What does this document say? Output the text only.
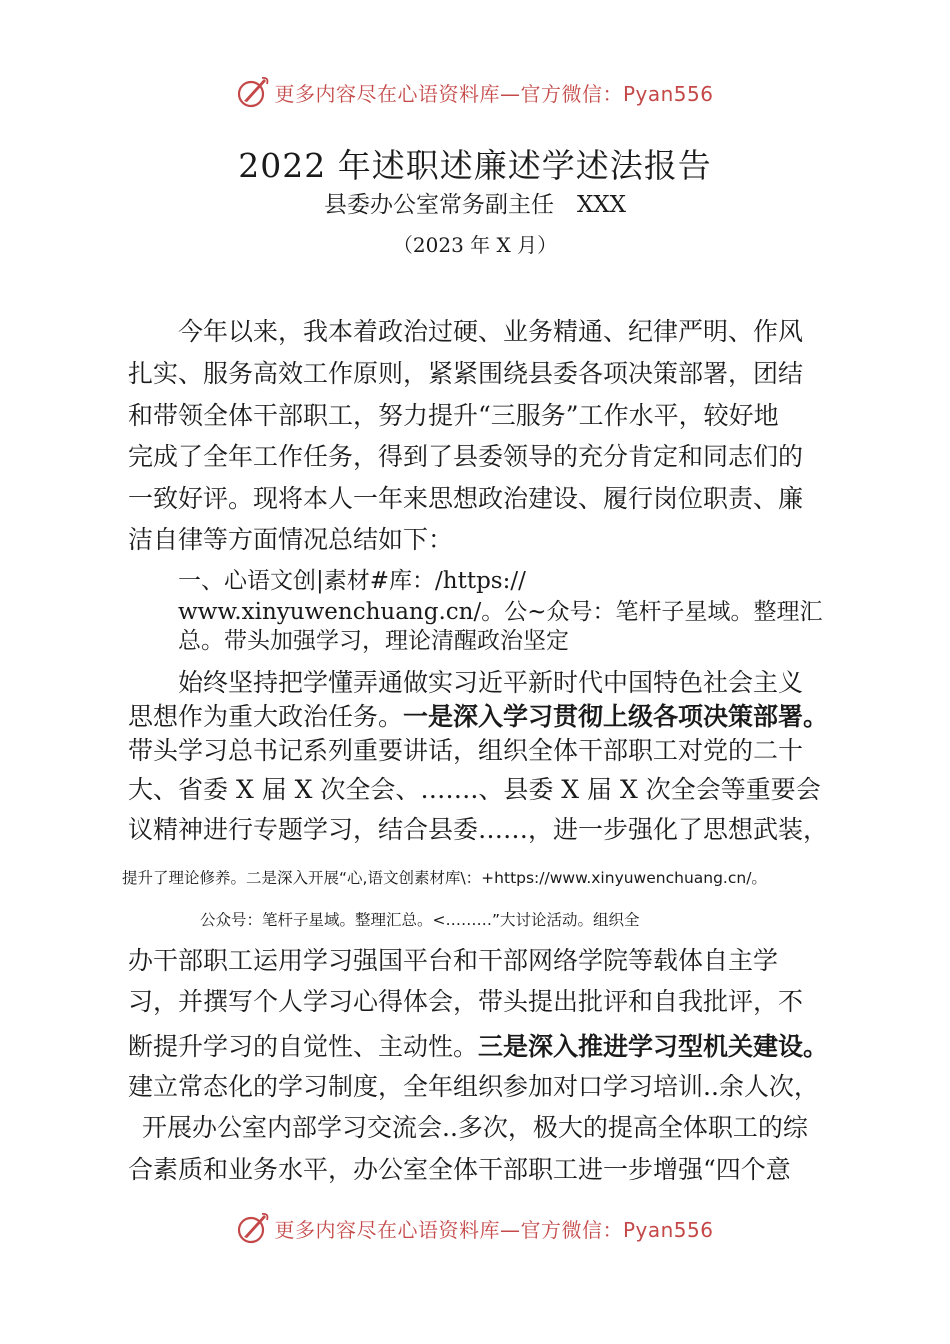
更多内容尽在心语资料库—官方微信：Pyan556
2022 年述职述廉述学述法报告
县委办公室常务副主任　XXX
（2023 年 X 月）
今年以来，我本着政治过硬、业务精通、纪律严明、作风
扎实、服务高效工作原则，紧紧围绕县委各项决策部署，团结
和带领全体干部职工，努力提升“三服务”工作水平，较好地
完成了全年工作任务，得到了县委领导的充分肯定和同志们的
一致好评。现将本人一年来思想政治建设、履行岗位职责、廉
洁自律等方面情况总结如下：
一、心语文创|素材#库：/https://
www.xinyuwenchuang.cn/。公~众号：笔杆子星域。整理汇
总。带头加强学习，理论清醒政治坚定
始终坚持把学懂弄通做实习近平新时代中国特色社会主义
思想作为重大政治任务。一是深入学习贯彻上级各项决策部署。
带头学习总书记系列重要讲话，组织全体干部职工对党的二十
大、省委 X 届 X 次全会、…….、县委 X 届 X 次全会等重要会
议精神进行专题学习，结合县委……，进一步强化了思想武装，
提升了理论修养。二是深入开展“心,语文创素材库\：+https://www.xinyuwenchuang.cn/。
公众号：笔杆子星域。整理汇总。<………”大讨论活动。组织全
办干部职工运用学习强国平台和干部网络学院等载体自主学
习，并撰写个人学习心得体会，带头提出批评和自我批评，不
断提升学习的自觉性、主动性。三是深入推进学习型机关建设。
建立常态化的学习制度，全年组织参加对口学习培训..余人次，
开展办公室内部学习交流会..多次，极大的提高全体职工的综
合素质和业务水平，办公室全体干部职工进一步增强“四个意
更多内容尽在心语资料库—官方微信：Pyan556
